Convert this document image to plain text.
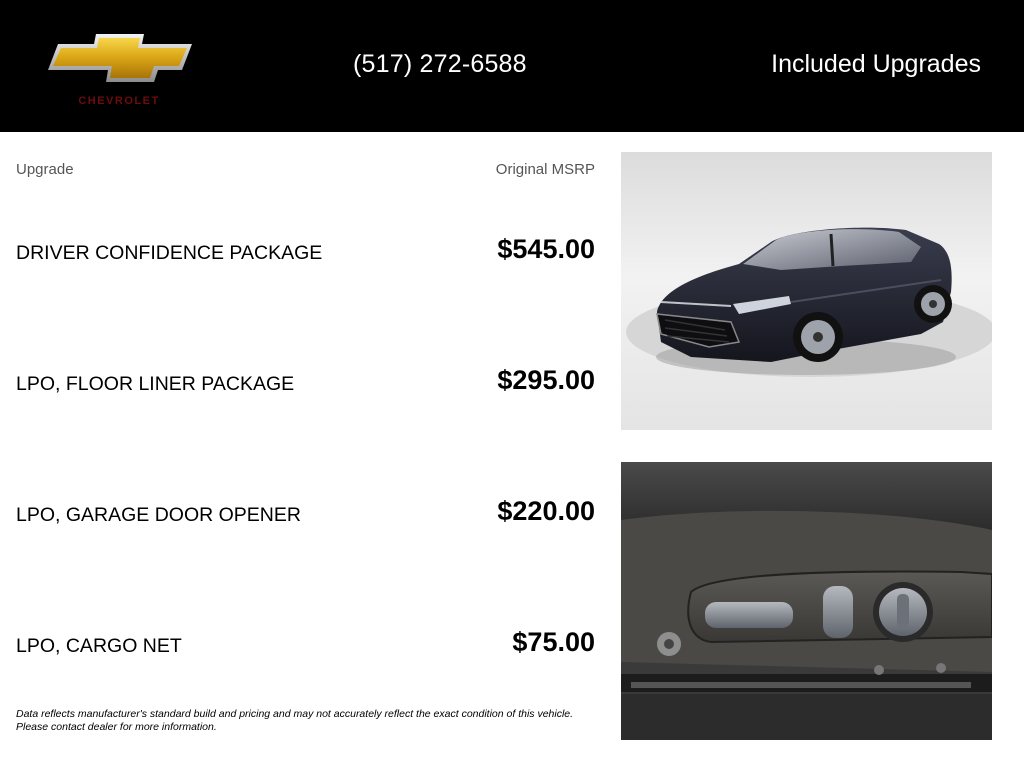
CHEVROLET
(517) 272-6588	Included Upgrades
Upgrade	Original MSRP
DRIVER CONFIDENCE PACKAGE	$545.00
LPO, FLOOR LINER PACKAGE	$295.00
LPO, GARAGE DOOR OPENER	$220.00
LPO, CARGO NET	$75.00
Data reflects manufacturer's standard build and pricing and may not accurately reflect the exact condition of this vehicle.
Please contact dealer for more information.
